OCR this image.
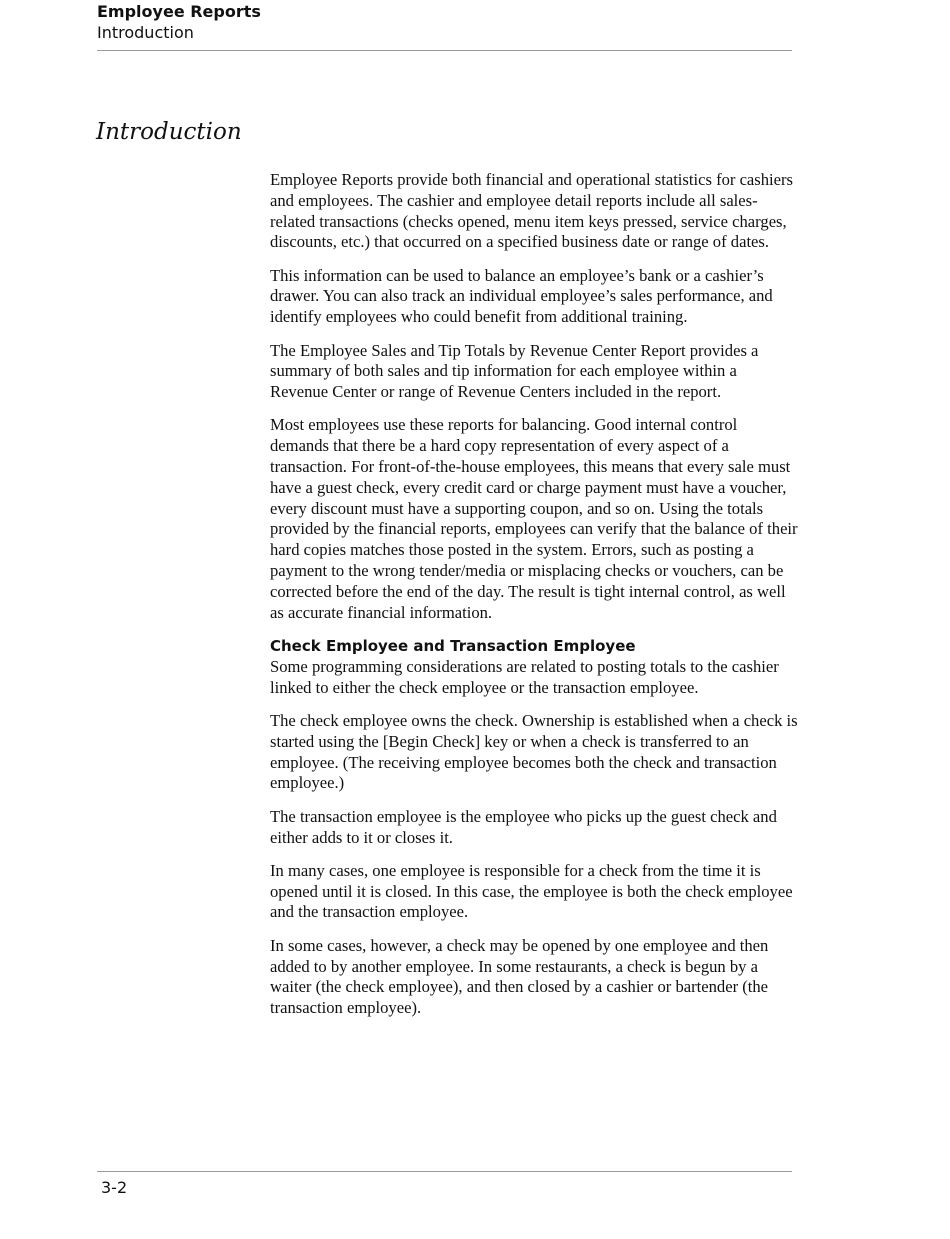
Employee Reports
Introduction
Introduction

Employee Reports provide both financial and operational statistics for cashiers and employees. The cashier and employee detail reports include all sales-related transactions (checks opened, menu item keys pressed, service charges, discounts, etc.) that occurred on a specified business date or range of dates.

This information can be used to balance an employee’s bank or a cashier’s drawer. You can also track an individual employee’s sales performance, and identify employees who could benefit from additional training.

The Employee Sales and Tip Totals by Revenue Center Report provides a summary of both sales and tip information for each employee within a Revenue Center or range of Revenue Centers included in the report.

Most employees use these reports for balancing. Good internal control demands that there be a hard copy representation of every aspect of a transaction. For front-of-the-house employees, this means that every sale must have a guest check, every credit card or charge payment must have a voucher, every discount must have a supporting coupon, and so on. Using the totals provided by the financial reports, employees can verify that the balance of their hard copies matches those posted in the system. Errors, such as posting a payment to the wrong tender/media or misplacing checks or vouchers, can be corrected before the end of the day. The result is tight internal control, as well as accurate financial information.

Check Employee and Transaction Employee

Some programming considerations are related to posting totals to the cashier linked to either the check employee or the transaction employee.

The check employee owns the check. Ownership is established when a check is started using the [Begin Check] key or when a check is transferred to an employee. (The receiving employee becomes both the check and transaction employee.)

The transaction employee is the employee who picks up the guest check and either adds to it or closes it.

In many cases, one employee is responsible for a check from the time it is opened until it is closed. In this case, the employee is both the check employee and the transaction employee.

In some cases, however, a check may be opened by one employee and then added to by another employee. In some restaurants, a check is begun by a waiter (the check employee), and then closed by a cashier or bartender (the transaction employee).

3-2
